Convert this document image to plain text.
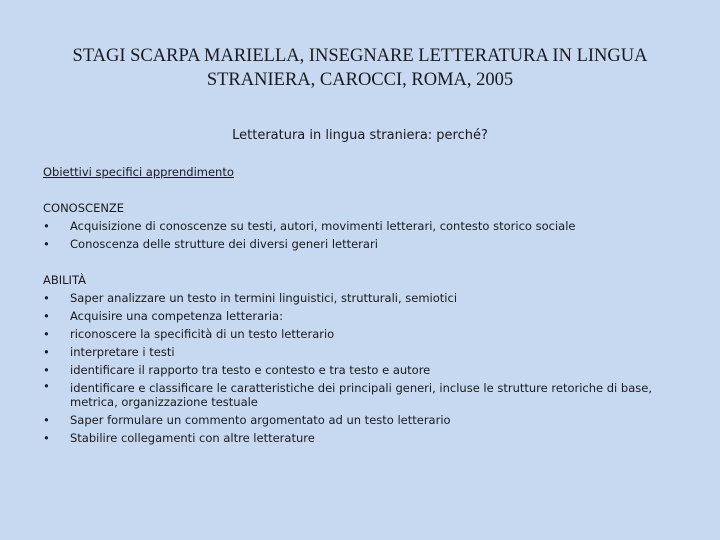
STAGI SCARPA MARIELLA, INSEGNARE LETTERATURA IN LINGUA STRANIERA, CAROCCI, ROMA, 2005
Letteratura in lingua straniera: perché?

Obiettivi specifici apprendimento

CONOSCENZE

• Acquisizione di conoscenze su testi, autori, movimenti letterari, contesto storico sociale
• Conoscenza delle strutture dei diversi generi letterari

ABILITÀ

• Saper analizzare un testo in termini linguistici, strutturali, semiotici
• Acquisire una competenza letteraria:
• riconoscere la specificità di un testo letterario
• interpretare i testi
• identificare il rapporto tra testo e contesto e tra testo e autore
• identificare e classificare le caratteristiche dei principali generi, incluse le strutture retoriche di base, metrica, organizzazione testuale
• Saper formulare un commento argomentato ad un testo letterario
• Stabilire collegamenti con altre letterature
